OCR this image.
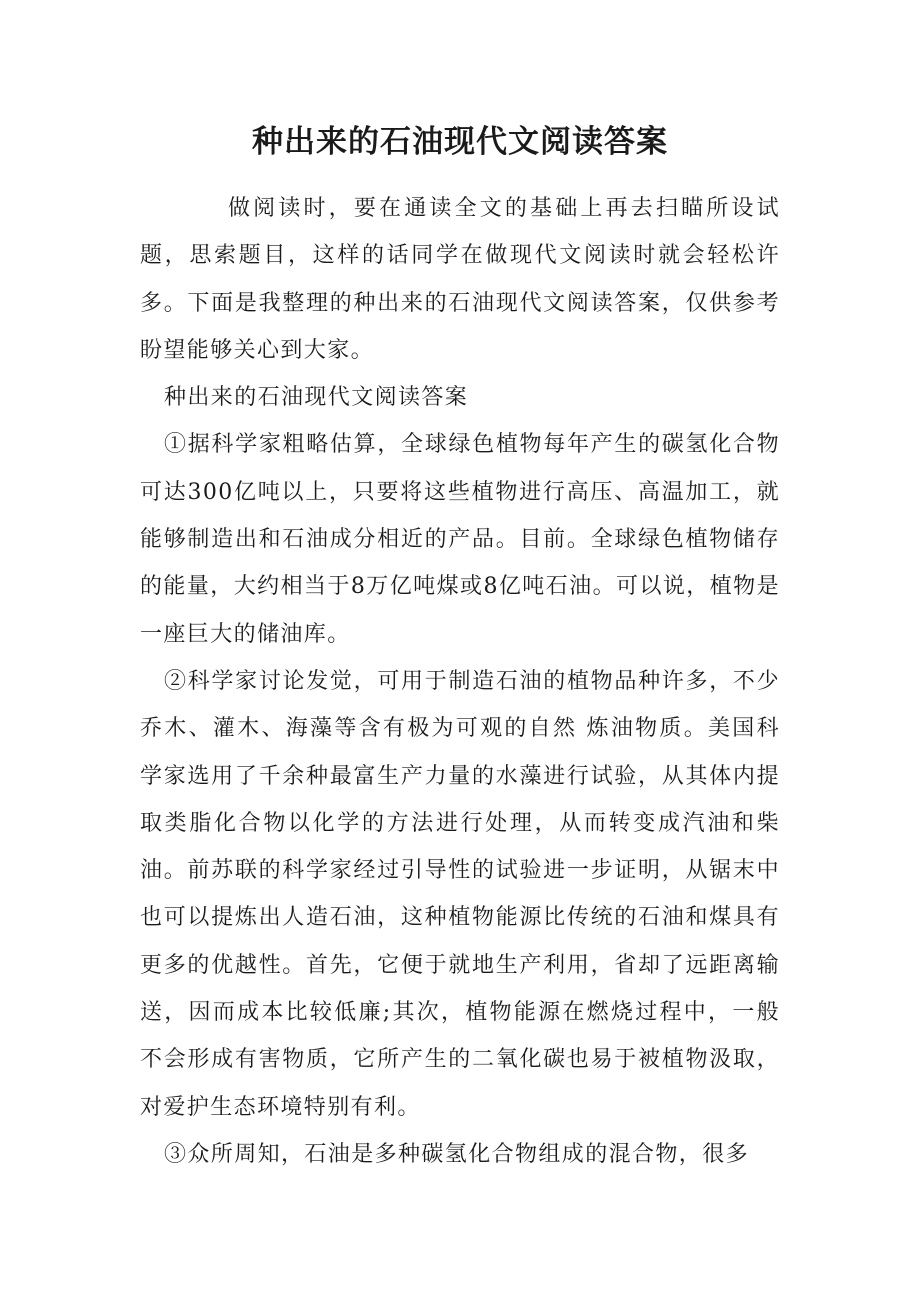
种出来的石油现代文阅读答案

做阅读时，要在通读全文的基础上再去扫瞄所设试题，思索题目，这样的话同学在做现代文阅读时就会轻松许多。下面是我整理的种出来的石油现代文阅读答案，仅供参考盼望能够关心到大家。

种出来的石油现代文阅读答案

①据科学家粗略估算，全球绿色植物每年产生的碳氢化合物可达300亿吨以上，只要将这些植物进行高压、高温加工，就能够制造出和石油成分相近的产品。目前。全球绿色植物储存的能量，大约相当于8万亿吨煤或8亿吨石油。可以说，植物是一座巨大的储油库。

②科学家讨论发觉，可用于制造石油的植物品种许多，不少乔木、灌木、海藻等含有极为可观的自然 炼油物质。美国科学家选用了千余种最富生产力量的水藻进行试验，从其体内提取类脂化合物以化学的方法进行处理，从而转变成汽油和柴油。前苏联的科学家经过引导性的试验进一步证明，从锯末中也可以提炼出人造石油，这种植物能源比传统的石油和煤具有更多的优越性。首先，它便于就地生产利用，省却了远距离输送，因而成本比较低廉;其次，植物能源在燃烧过程中，一般不会形成有害物质，它所产生的二氧化碳也易于被植物汲取，对爱护生态环境特别有利。

③众所周知，石油是多种碳氢化合物组成的混合物，很多
